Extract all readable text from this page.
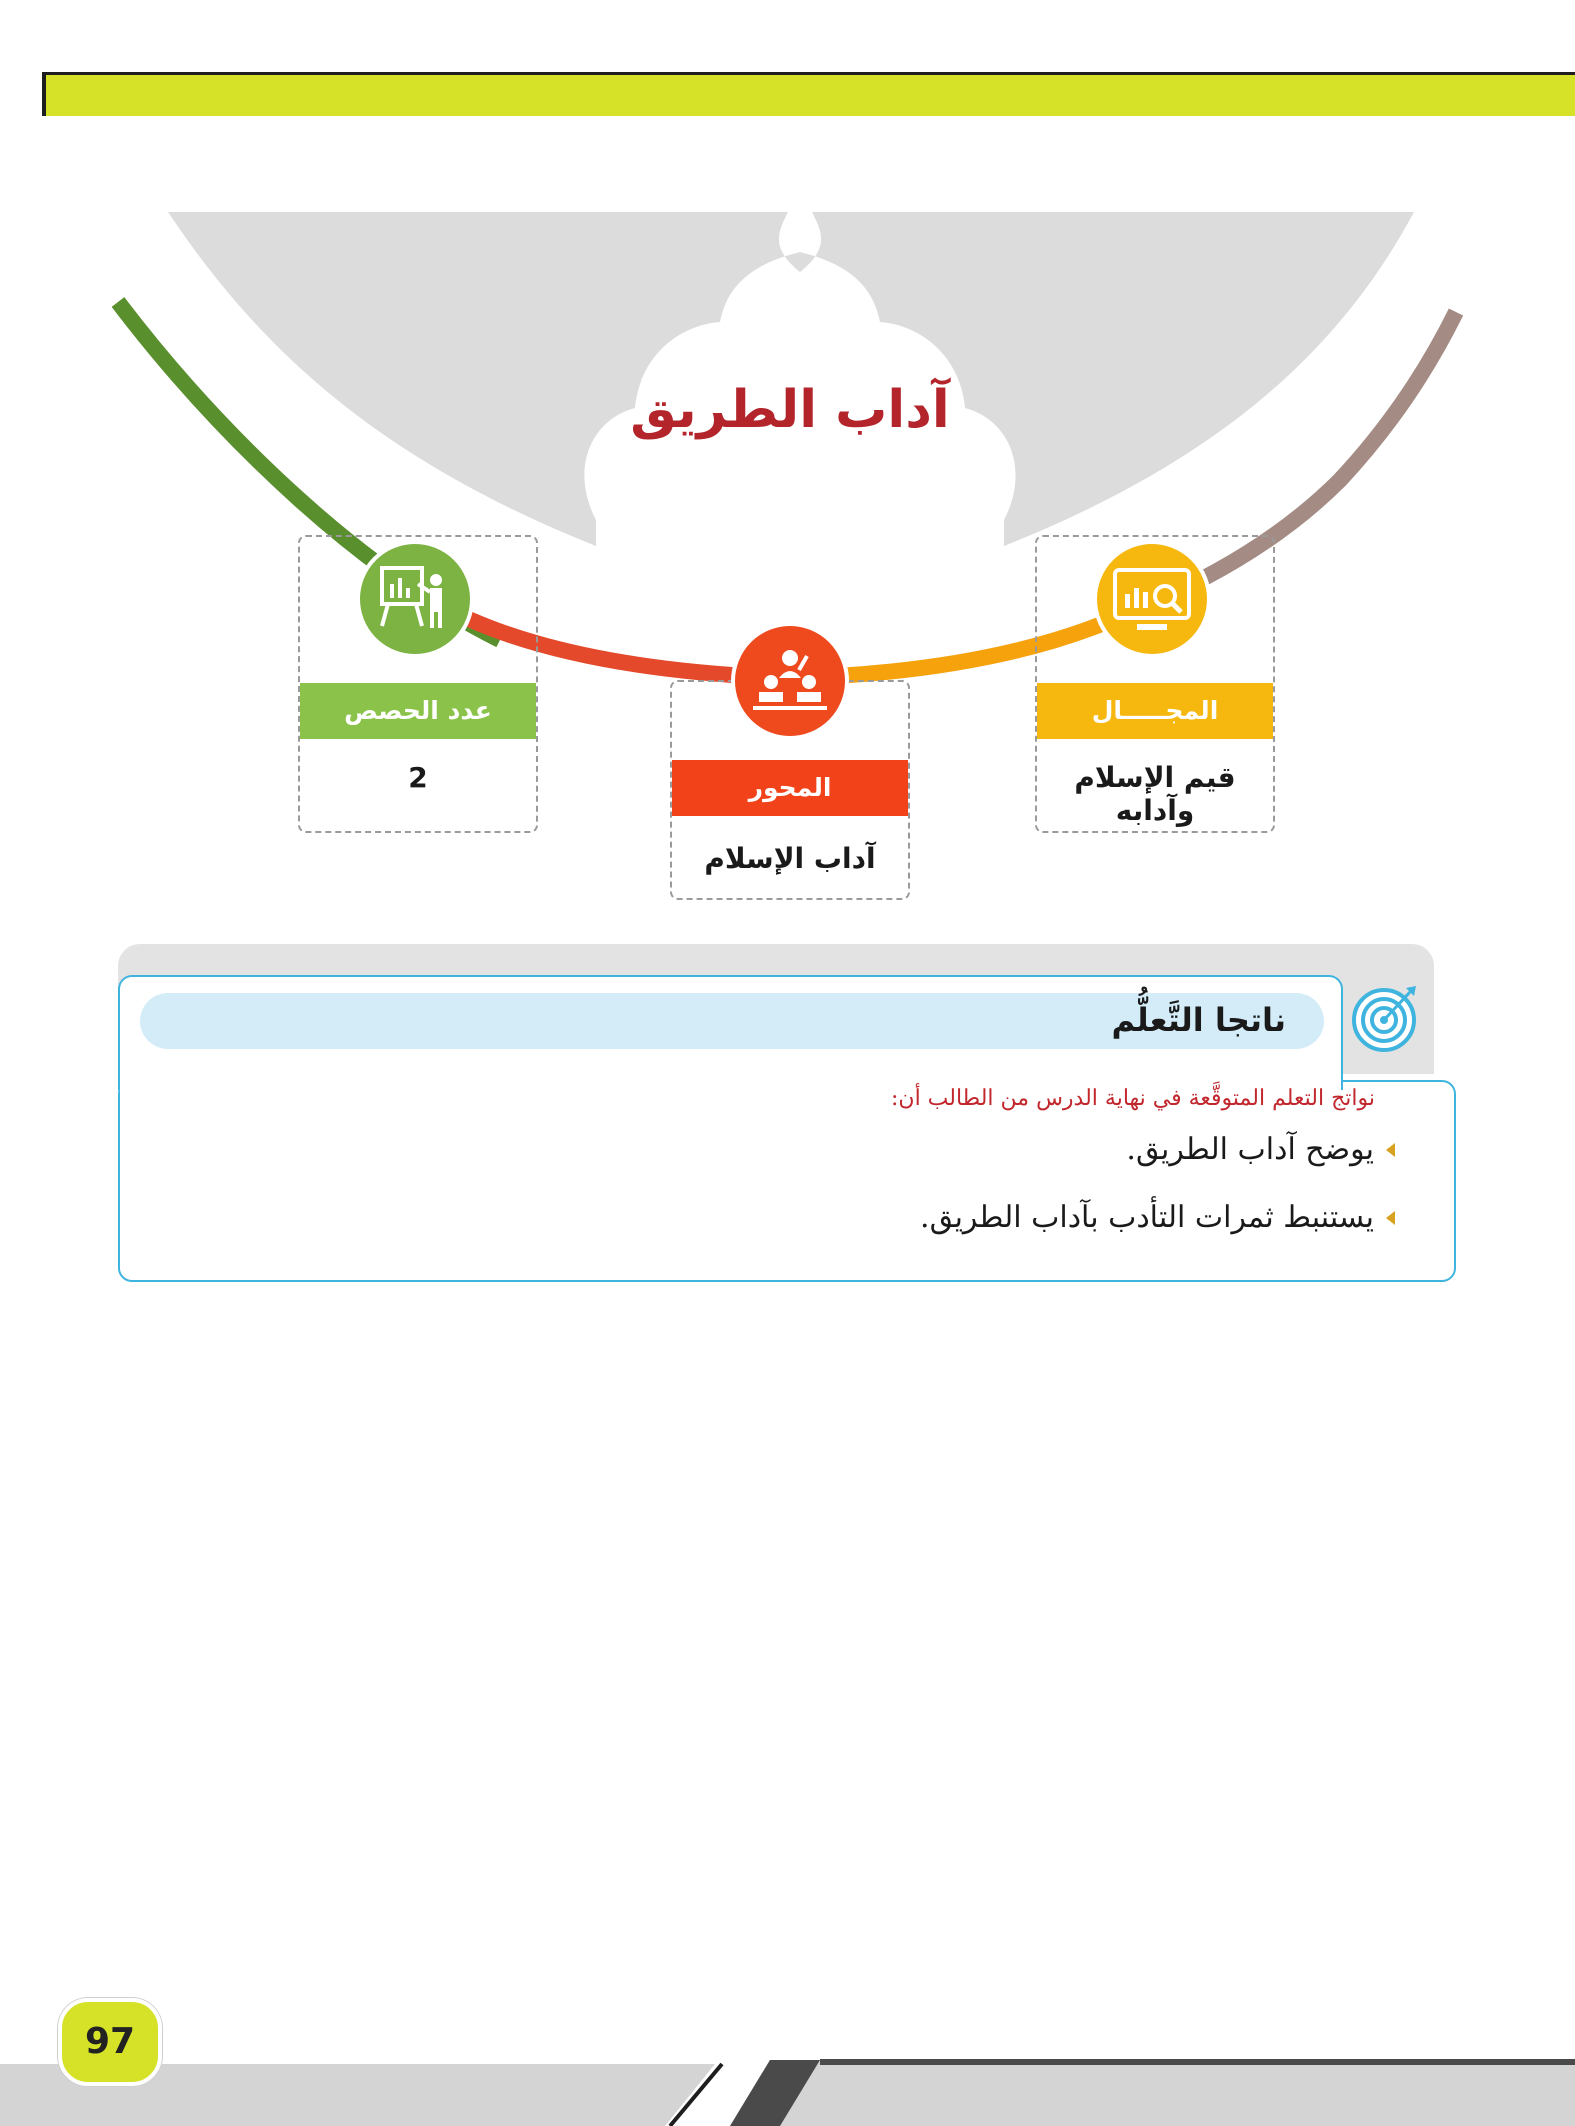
آداب الطريق
عدد الحصص
2	المحور
آداب الإسلام
المجـــــال
قيم الإسلام وآدابه
ناتجا التَّعلُّم
نواتج التعلم المتوقَّعة في نهاية الدرس من الطالب أن:
يوضح آداب الطريق.
يستنبط ثمرات التأدب بآداب الطريق.
97
